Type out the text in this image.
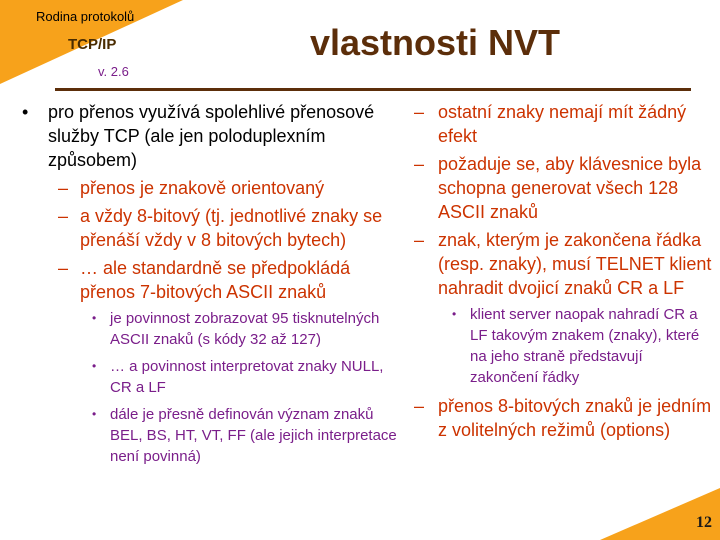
Rodina protokolů
TCP/IP
v. 2.6
vlastnosti NVT
• pro přenos využívá spolehlivé přenosové služby TCP (ale jen poloduplexním způsobem)
– přenos je znakově orientovaný
– a vždy 8-bitový (tj. jednotlivé znaky se přenáší vždy v 8 bitových bytech)
– … ale standardně se předpokládá přenos 7-bitových ASCII znaků
• je povinnost zobrazovat 95 tisknutelných ASCII znaků (s kódy 32 až 127)
• … a povinnost interpretovat znaky NULL, CR a LF
• dále je přesně definován význam znaků BEL, BS, HT, VT, FF (ale jejich interpretace není povinná)
– ostatní znaky nemají mít žádný efekt
– požaduje se, aby klávesnice byla schopna generovat všech 128 ASCII znaků
– znak, kterým je zakončena řádka (resp. znaky), musí TELNET klient nahradit dvojicí znaků CR a LF
• klient server naopak nahradí CR a LF takovým znakem (znaky), které na jeho straně představují zakončení řádky
– přenos 8-bitových znaků je jedním z volitelných režimů (options)
12
